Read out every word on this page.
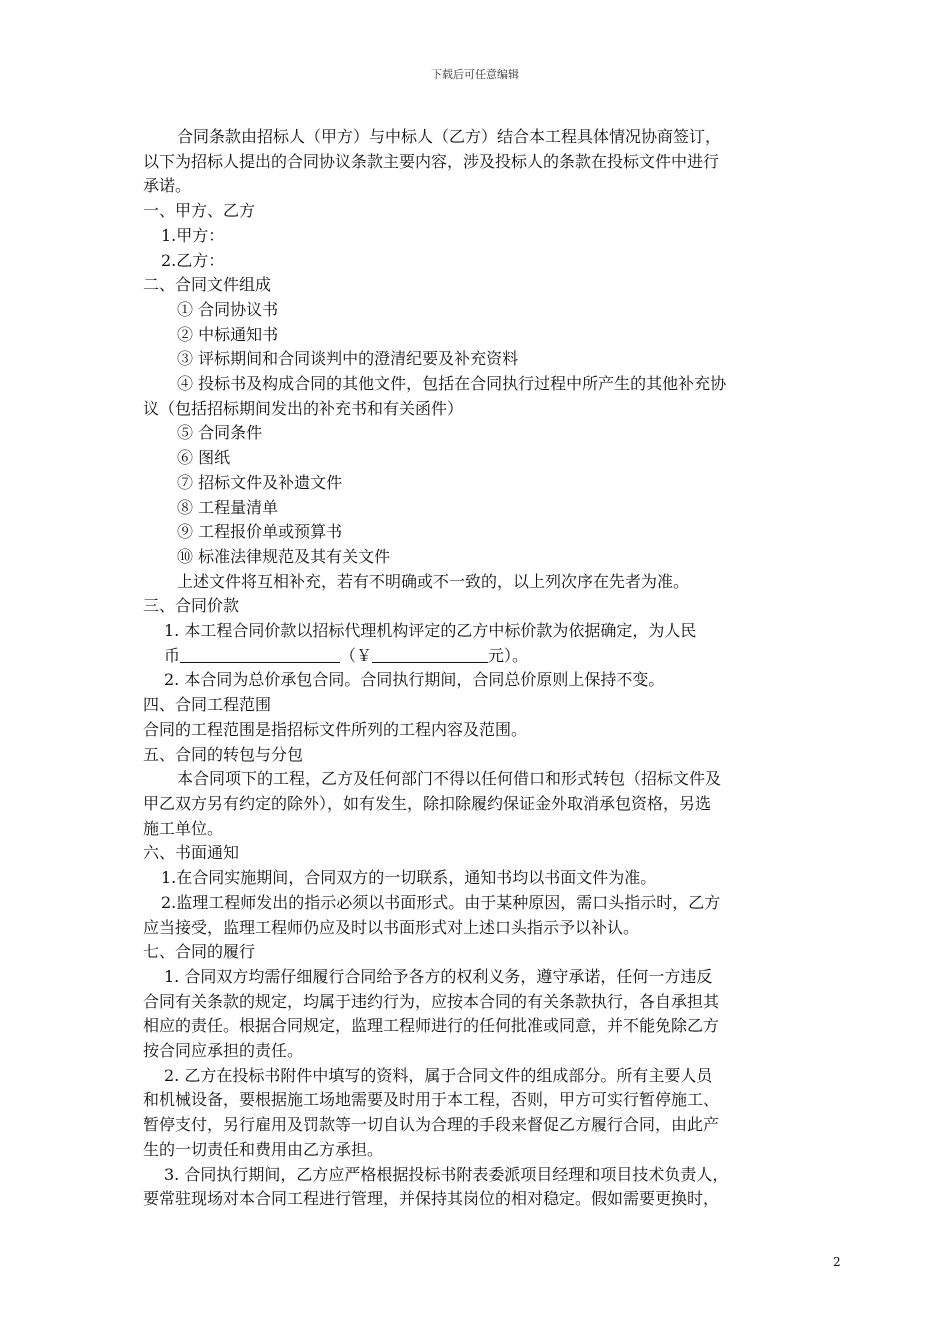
下载后可任意编辑

合同条款由招标人（甲方）与中标人（乙方）结合本工程具体情况协商签订，

以下为招标人提出的合同协议条款主要内容，涉及投标人的条款在投标文件中进行

承诺。

一、甲方、乙方

1.甲方：

2.乙方：

二、合同文件组成

① 合同协议书

② 中标通知书

③ 评标期间和合同谈判中的澄清纪要及补充资料

④ 投标书及构成合同的其他文件，包括在合同执行过程中所产生的其他补充协

议（包括招标期间发出的补充书和有关函件）

⑤ 合同条件

⑥ 图纸

⑦ 招标文件及补遗文件

⑧ 工程量清单

⑨ 工程报价单或预算书

⑩ 标准法律规范及其有关文件

上述文件将互相补充，若有不明确或不一致的，以上列次序在先者为准。

三、合同价款

1. 本工程合同价款以招标代理机构评定的乙方中标价款为依据确定，为人民

币	（￥	元）。

2. 本合同为总价承包合同。合同执行期间，合同总价原则上保持不变。

四、合同工程范围

合同的工程范围是指招标文件所列的工程内容及范围。

五、合同的转包与分包

本合同项下的工程，乙方及任何部门不得以任何借口和形式转包（招标文件及

甲乙双方另有约定的除外），如有发生，除扣除履约保证金外取消承包资格，另选

施工单位。

六、书面通知

1.在合同实施期间，合同双方的一切联系，通知书均以书面文件为准。

2.监理工程师发出的指示必须以书面形式。由于某种原因，需口头指示时，乙方

应当接受，监理工程师仍应及时以书面形式对上述口头指示予以补认。

七、合同的履行

1. 合同双方均需仔细履行合同给予各方的权利义务，遵守承诺，任何一方违反

合同有关条款的规定，均属于违约行为，应按本合同的有关条款执行，各自承担其

相应的责任。根据合同规定，监理工程师进行的任何批准或同意，并不能免除乙方

按合同应承担的责任。

2. 乙方在投标书附件中填写的资料，属于合同文件的组成部分。所有主要人员

和机械设备，要根据施工场地需要及时用于本工程，否则，甲方可实行暂停施工、

暂停支付，另行雇用及罚款等一切自认为合理的手段来督促乙方履行合同，由此产

生的一切责任和费用由乙方承担。

3. 合同执行期间，乙方应严格根据投标书附表委派项目经理和项目技术负责人，

要常驻现场对本合同工程进行管理，并保持其岗位的相对稳定。假如需要更换时，

2
